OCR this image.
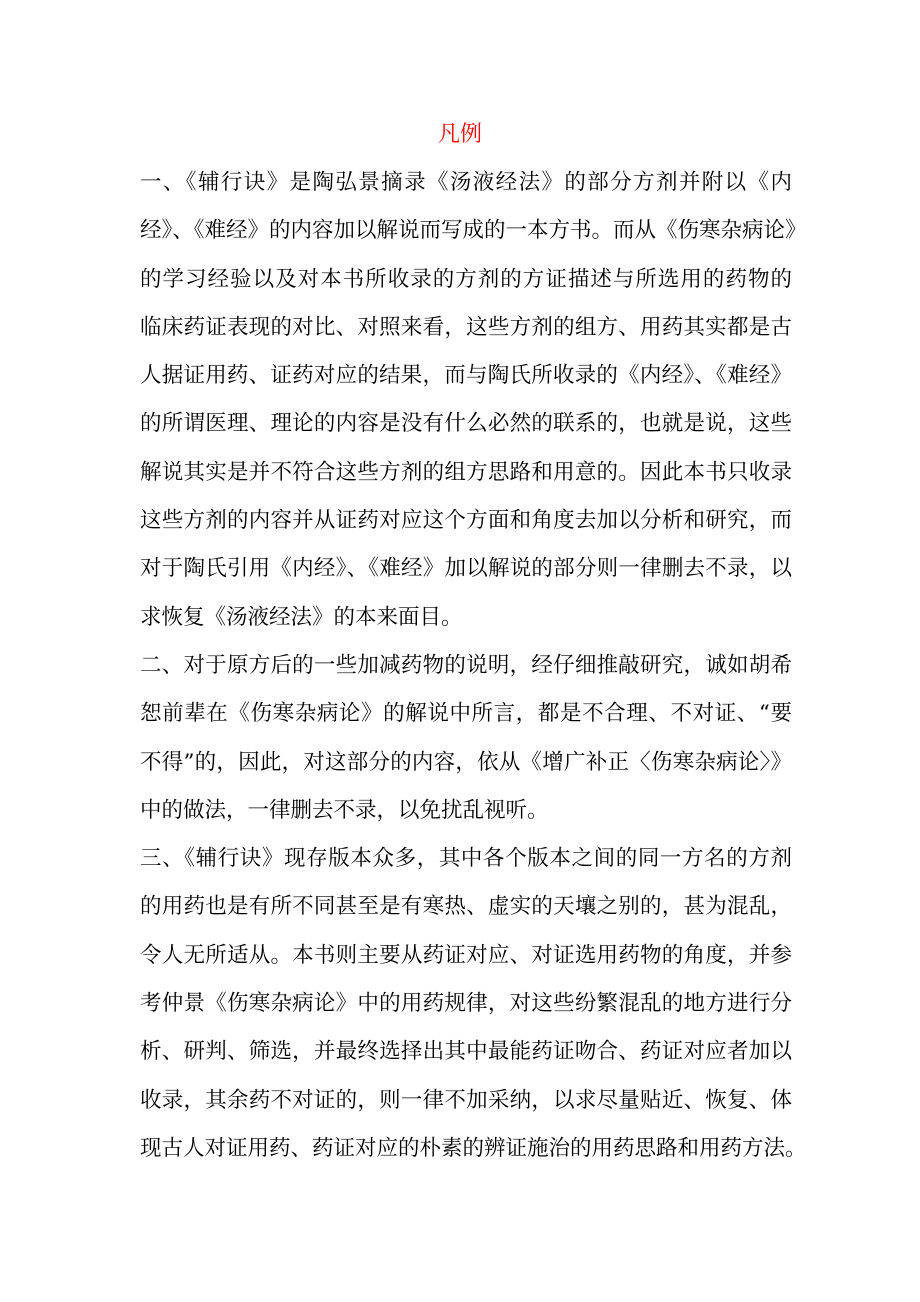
凡例
一、《辅行诀》是陶弘景摘录《汤液经法》的部分方剂并附以《内
经》、《难经》的内容加以解说而写成的一本方书。而从《伤寒杂病论》
的学习经验以及对本书所收录的方剂的方证描述与所选用的药物的
临床药证表现的对比、对照来看，这些方剂的组方、用药其实都是古
人据证用药、证药对应的结果，而与陶氏所收录的《内经》、《难经》
的所谓医理、理论的内容是没有什么必然的联系的，也就是说，这些
解说其实是并不符合这些方剂的组方思路和用意的。因此本书只收录
这些方剂的内容并从证药对应这个方面和角度去加以分析和研究，而
对于陶氏引用《内经》、《难经》加以解说的部分则一律删去不录，以
求恢复《汤液经法》的本来面目。
二、对于原方后的一些加减药物的说明，经仔细推敲研究，诚如胡希
恕前辈在《伤寒杂病论》的解说中所言，都是不合理、不对证、“要
不得”的，因此，对这部分的内容，依从《增广补正〈伤寒杂病论〉》
中的做法，一律删去不录，以免扰乱视听。
三、《辅行诀》现存版本众多，其中各个版本之间的同一方名的方剂
的用药也是有所不同甚至是有寒热、虚实的天壤之别的，甚为混乱，
令人无所适从。本书则主要从药证对应、对证选用药物的角度，并参
考仲景《伤寒杂病论》中的用药规律，对这些纷繁混乱的地方进行分
析、研判、筛选，并最终选择出其中最能药证吻合、药证对应者加以
收录，其余药不对证的，则一律不加采纳，以求尽量贴近、恢复、体
现古人对证用药、药证对应的朴素的辨证施治的用药思路和用药方法。
